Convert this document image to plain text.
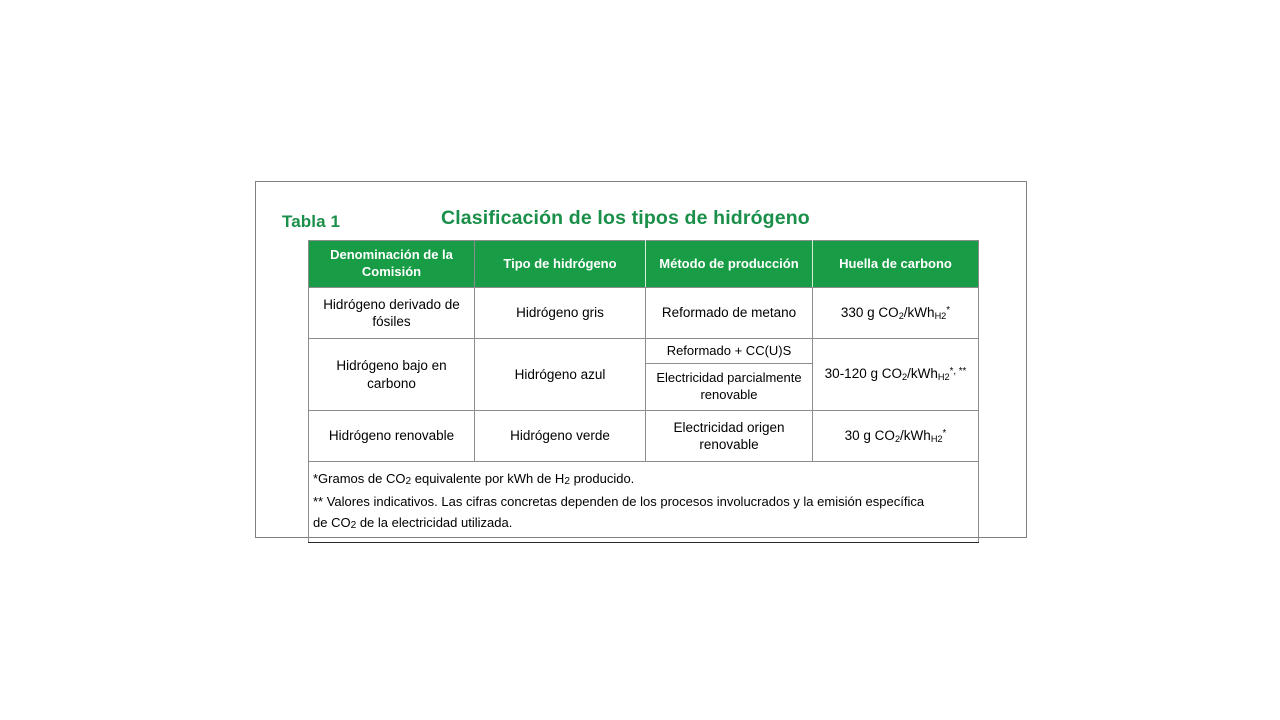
Tabla 1	Clasificación de los tipos de hidrógeno
Denominación de la Comisión	Tipo de hidrógeno	Método de producción	Huella de carbono
Hidrógeno derivado de fósiles	Hidrógeno gris	Reformado de metano	330 g $CO_2/kWh_{H2}^*$
Hidrógeno bajo en carbono	Hidrógeno azul	Reformado + CC(U)S	30-120 g $CO_2/kWh_{H2}^{*, **}$
		Electricidad parcialmente renovable	
Hidrógeno renovable	Hidrógeno verde	Electricidad origen renovable	30 g $CO_2/kWh_{H2}^*$

*Gramos de CO2 equivalente por kWh de H2 producido.
** Valores indicativos. Las cifras concretas dependen de los procesos involucrados y la emisión específica
de CO2 de la electricidad utilizada.			
